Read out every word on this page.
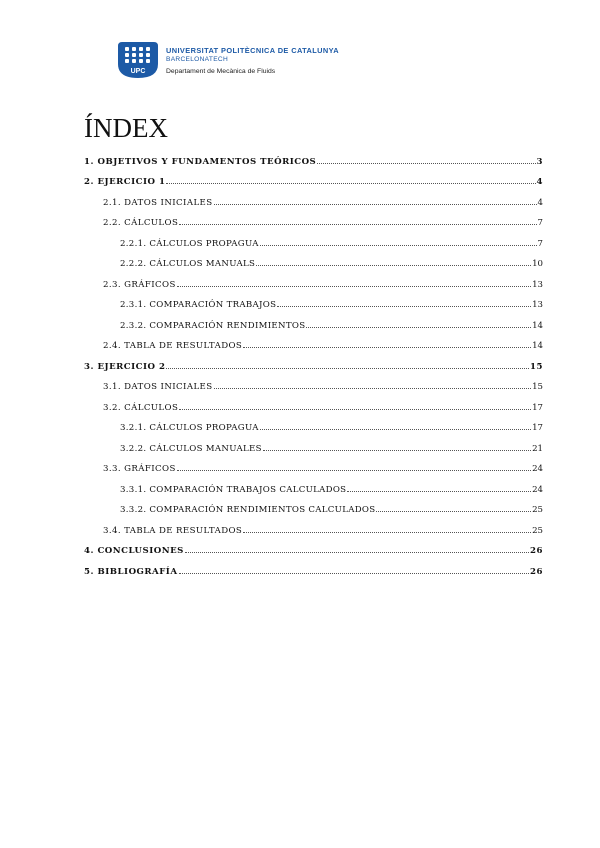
UPC
UNIVERSITAT POLITÈCNICA DE CATALUNYA
BARCELONATECH
Departament de Mecànica de Fluids
ÍNDEX
1. OBJETIVOS Y FUNDAMENTOS TEÓRICOS	3
2. EJERCICIO 1	4
2.1. DATOS INICIALES	4
2.2. CÁLCULOS	7
2.2.1. CÁLCULOS PROPAGUA	7
2.2.2. CÁLCULOS MANUALS	10
2.3. GRÁFICOS	13
2.3.1. COMPARACIÓN TRABAJOS	13
2.3.2. COMPARACIÓN RENDIMIENTOS	14
2.4. TABLA DE RESULTADOS	14
3. EJERCICIO 2	15
3.1. DATOS INICIALES	15
3.2. CÁLCULOS	17
3.2.1. CÁLCULOS PROPAGUA	17
3.2.2. CÁLCULOS MANUALES	21
3.3. GRÁFICOS	24
3.3.1. COMPARACIÓN TRABAJOS CALCULADOS	24
3.3.2. COMPARACIÓN RENDIMIENTOS CALCULADOS	25
3.4. TABLA DE RESULTADOS	25
4. CONCLUSIONES	26
5. BIBLIOGRAFÍA	26
